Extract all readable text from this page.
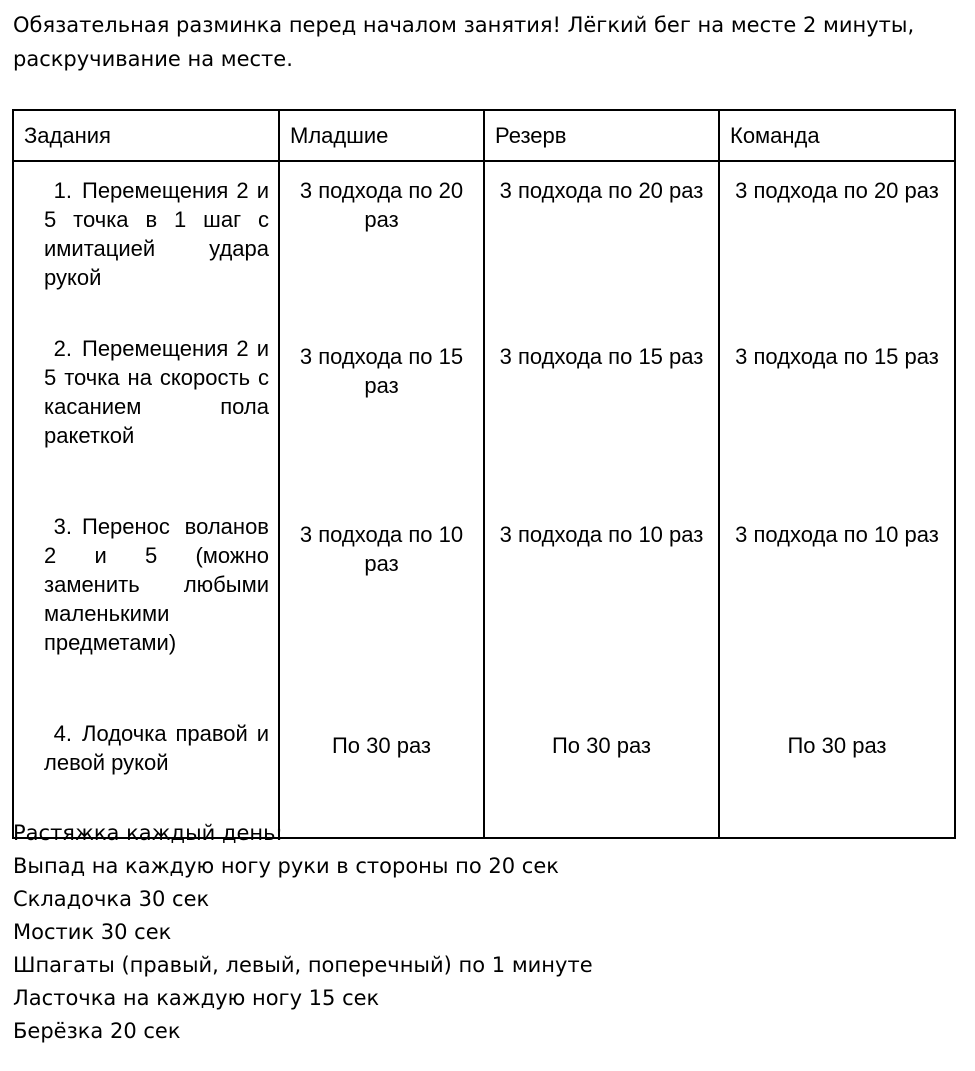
Обязательная разминка перед началом занятия! Лёгкий бег на месте 2 минуты,
раскручивание на месте.
Задания	Младшие	Резерв	Команда
1. Перемещения 2 и 5 точка в 1 шаг с имитацией удара рукой	3 подхода по 20 раз	3 подхода по 20 раз	3 подхода по 20 раз
2. Перемещения 2 и 5 точка на скорость с касанием пола ракеткой	3 подхода по 15 раз	3 подхода по 15 раз	3 подхода по 15 раз
3. Перенос воланов 2 и 5 (можно заменить любыми маленькими предметами)	3 подхода по 10 раз	3 подхода по 10 раз	3 подхода по 10 раз
4. Лодочка правой и левой рукой	По 30 раз	По 30 раз	По 30 раз
Растяжка каждый день:
Выпад на каждую ногу руки в стороны по 20 сек
Складочка 30 сек
Мостик 30 сек
Шпагаты (правый, левый, поперечный) по 1 минуте
Ласточка на каждую ногу 15 сек
Берёзка 20 сек
